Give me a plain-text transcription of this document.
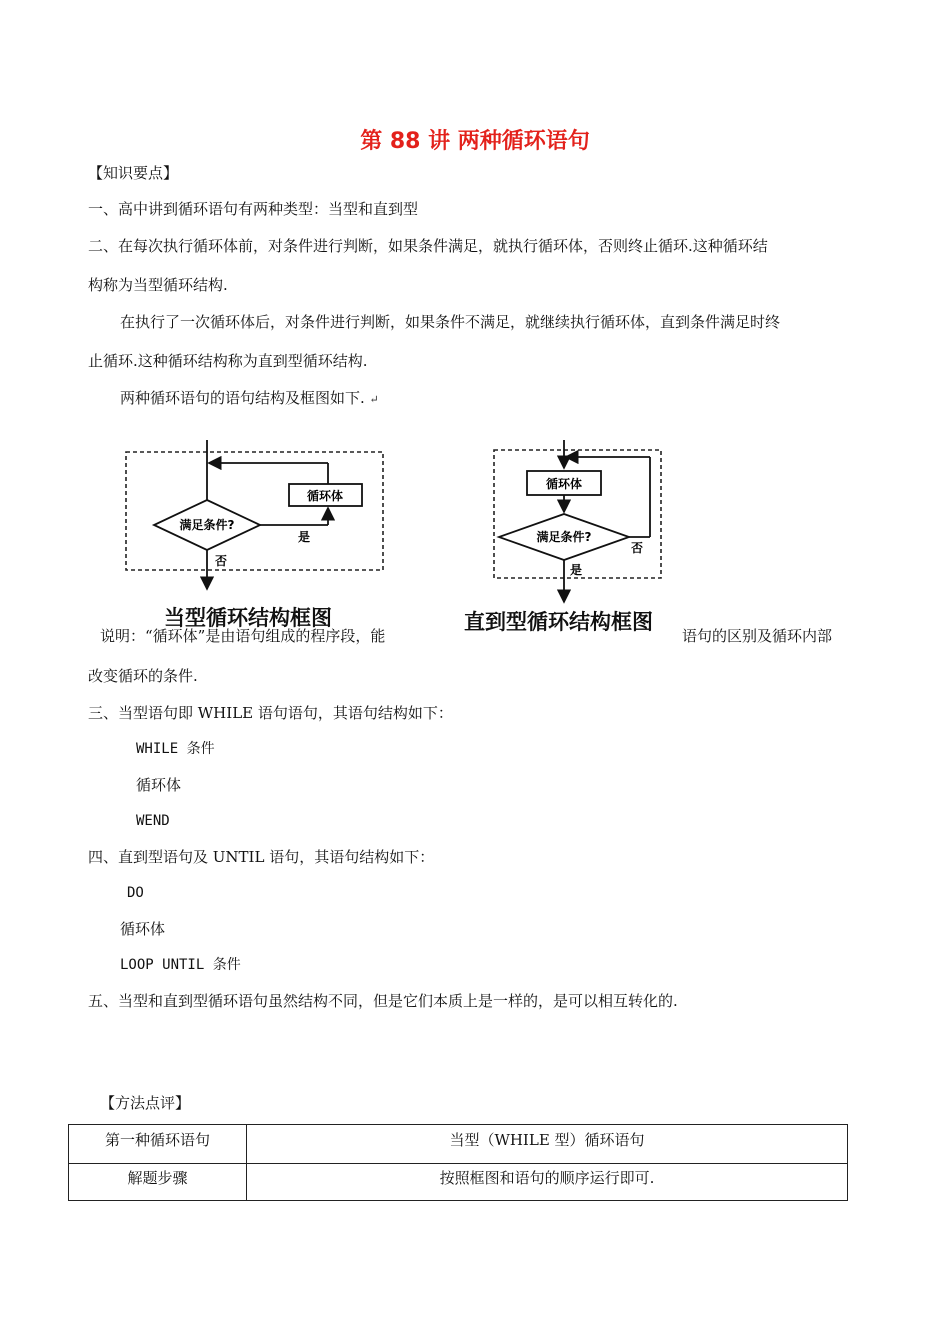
第 88 讲 两种循环语句
【知识要点】
一、高中讲到循环语句有两种类型：当型和直到型
二、在每次执行循环体前，对条件进行判断，如果条件满足，就执行循环体，否则终止循环.这种循环结
构称为当型循环结构.
在执行了一次循环体后，对条件进行判断，如果条件不满足，就继续执行循环体，直到条件满足时终
止循环.这种循环结构称为直到型循环结构.
两种循环语句的语句结构及框图如下. ↵
说明：“循环体”是由语句组成的程序段，能	语句的区别及循环内部
改变循环的条件.
循环体
满足条件?
是
否
当型循环结构框图
循环体
满足条件?
否
是
直到型循环结构框图
三、当型语句即 WHILE 语句语句，其语句结构如下：
WHILE 条件
循环体
WEND
四、直到型语句及 UNTIL 语句，其语句结构如下：
DO
循环体
LOOP UNTIL 条件
五、当型和直到型循环语句虽然结构不同，但是它们本质上是一样的，是可以相互转化的.
【方法点评】
第一种循环语句	当型（WHILE 型）循环语句

解题步骤	按照框图和语句的顺序运行即可.
